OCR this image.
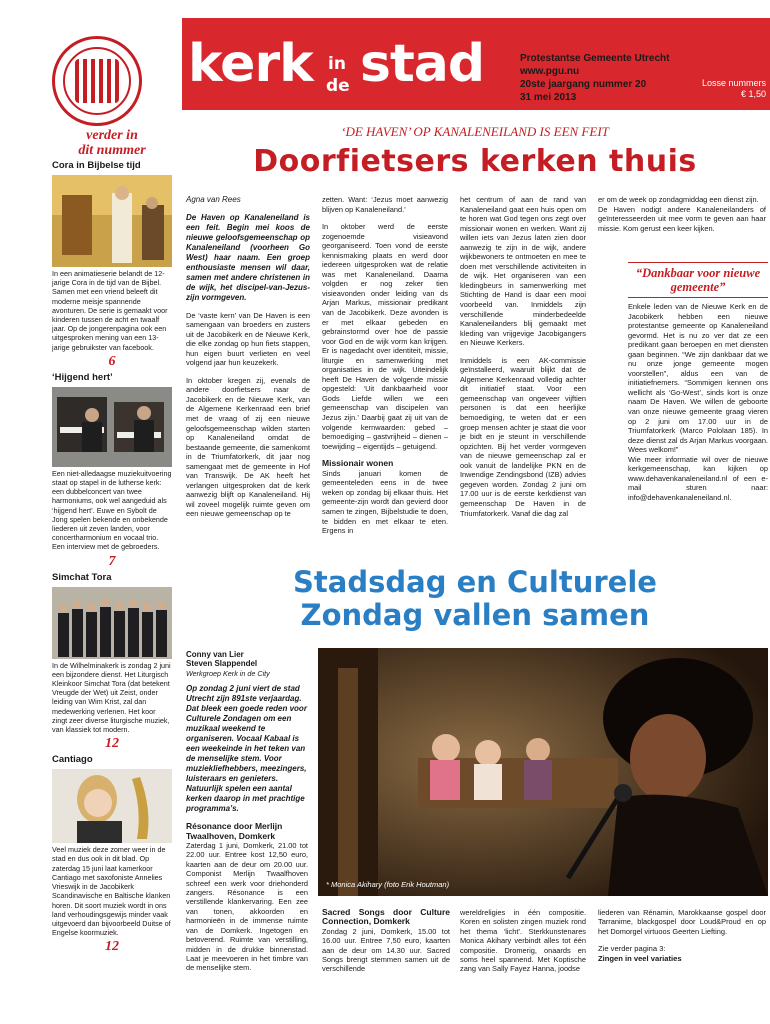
kerk in
de stad	Protestantse Gemeente Utrecht
www.pgu.nu
20ste jaargang nummer 20
31 mei 2013
Losse nummers
€ 1,50
verder in
dit nummer
Cora in Bijbelse tijd
In een animatieserie belandt de 12-jarige Cora in de tijd van de Bijbel. Samen met een vriend beleeft dit moderne meisje spannende avonturen. De serie is gemaakt voor kinderen tussen de acht en twaalf jaar. Op de jongerenpagina ook een uitgesproken mening van een 13-jarige gebruikster van facebook.
6
‘Hijgend hert’
Een niet-alledaagse muziekuitvoering staat op stapel in de lutherse kerk: een dubbelconcert van twee harmoniums, ook wel aangeduid als ‘hijgend hert’. Euwe en Sybolt de Jong spelen bekende en onbekende liederen uit zeven landen, voor concertharmonium en vocaal trio. Een interview met de gebroeders.
7
Simchat Tora
In de Wilhelminakerk is zondag 2 juni een bijzondere dienst. Het Liturgisch Kleinkoor Simchat Tora (dat betekent Vreugde der Wet) uit Zeist, onder leiding van Wim Krist, zal dan medewerking verlenen. Het koor zingt zeer diverse liturgische muziek, van klassiek tot modern.
12
Cantiago
Veel muziek deze zomer weer in de stad en dus ook in dit blad. Op zaterdag 15 juni laat kamerkoor Cantiago met saxofoniste Annelies Vrieswijk in de Jacobikerk Scandinavische en Baltische klanken horen. Dit soort muziek wordt in ons land verhoudingsgewijs minder vaak uitgevoerd dan bijvoorbeeld Duitse of Engelse koormuziek.
12
‘DE HAVEN’ OP KANALENEILAND IS EEN FEIT
Doorfietsers kerken thuis
Agna van Rees

De Haven op Kanaleneiland is een feit. Begin mei koos de nieuwe geloofsgemeenschap op Kanaleneiland (voorheen Go West) haar naam. Een groep enthousiaste mensen wil daar, samen met andere christenen in de wijk, het discipel-van-Jezus-zijn vormgeven.

De ‘vaste kern’ van De Haven is een samengaan van broeders en zusters uit de Jacobikerk en de Nieuwe Kerk, die elke zondag op hun fiets stappen, hun eigen buurt verlieten en veel volgend jaar hun keuzekerk.

In oktober kregen zij, evenals de andere doorfietsers naar de Jacobikerk en de Nieuwe Kerk, van de Algemene Kerkenraad een brief met de vraag of zij een nieuwe geloofsgemeenschap wilden starten op Kanaleneiland omdat de bestaande gemeente, die samenkomt in de Triumfatorkerk, dit jaar nog samengaat met de gemeente in Hof van Transwijk. De AK heeft het verlangen uitgesproken dat de kerk aanwezig blijft op Kanaleneiland. Hij wil zoveel mogelijk ruimte geven om een nieuwe gemeenschap op te

zetten. Want: ‘Jezus moet aanwezig blijven op Kanaleneiland.’

In oktober werd de eerste zogenoemde visieavond georganiseerd. Toen vond de eerste kennismaking plaats en werd door iedereen uitgesproken wat de relatie was met Kanaleneiland. Daarna volgden er nog zeker tien visieavonden onder leiding van ds Arjan Markus, missionair predikant van de Jacobikerk. Deze avonden is er met elkaar gebeden en gebrainstormd over hoe de passie voor God en de wijk vorm kan krijgen. Er is nagedacht over identiteit, missie, liturgie en samenwerking met organisaties in de wijk. Uiteindelijk heeft De Haven de volgende missie opgesteld: ‘Uit dankbaarheid voor Gods Liefde willen we een gemeenschap van discipelen van Jezus zijn.’ Daarbij gaat zij uit van de volgende kernwaarden: gebed – bemoediging – gastvrijheid – dienen – toewijding – eigentijds – getuigend.

Missionair wonen

Sinds januari komen de gemeenteleden eens in de twee weken op zondag bij elkaar thuis. Het gemeente-zijn wordt dan gevierd door samen te zingen, Bijbelstudie te doen, te bidden en met elkaar te eten. Ergens in

het centrum of aan de rand van Kanaleneiland gaat een huis open om te horen wat God tegen ons zegt over missionair wonen en werken. Want zij willen iets van Jezus laten zien door aanwezig te zijn in de wijk, andere wijkbewoners te ontmoeten en mee te doen met verschillende activiteiten in de wijk. Het organiseren van een kledingbeurs in samenwerking met Stichting de Hand is daar een mooi voorbeeld van. Inmiddels zijn verschillende minderbedeelde Kanaleneilanders blij gemaakt met kleding van vrijgevige Jacobigangers en Nieuwe Kerkers.

Inmiddels is een AK-commissie geïnstalleerd, waaruit blijkt dat de Algemene Kerkenraad volledig achter dit initiatief staat. Voor een gemeenschap van ongeveer vijftien personen is dat een heerlijke bemoediging, te weten dat er een groep mensen achter je staat die voor je bidt en je steunt in verschillende opzichten. Bij het verder vormgeven van de nieuwe gemeenschap zal er ook vanuit de landelijke PKN en de Inwendige Zendingsbond (IZB) advies gegeven worden. Zondag 2 juni om 17.00 uur is de eerste kerkdienst van gemeenschap De Haven in de Triumfatorkerk. Vanaf die dag zal

er om de week op zondagmiddag een dienst zijn.
De Haven nodigt andere Kanaleneilanders of geïnteresseerden uit mee vorm te geven aan haar missie. Kom gerust een keer kijken.
“Dankbaar voor nieuwe gemeente”
Enkele leden van de Nieuwe Kerk en de Jacobikerk hebben een nieuwe protestantse gemeente op Kanaleneiland gevormd. Het is nu zo ver dat ze een predikant gaan beroepen en met diensten gaan beginnen. “We zijn dankbaar dat we nu onze jonge gemeente mogen voorstellen”, aldus een van de initiatiefnemers. “Sommigen kennen ons wellicht als ‘Go-West’, sinds kort is onze naam De Haven. We willen de geboorte van onze nieuwe gemeente graag vieren op 2 juni om 17.00 uur in de Triumfatorkerk (Marco Pololaan 185). In deze dienst zal ds Arjan Markus voorgaan. Wees welkom!”
Wie meer informatie wil over de nieuwe kerkgemeenschap, kan kijken op www.dehavenkanaleneiland.nl of een e-mail sturen naar: info@dehavenkanaleneiland.nl.
Stadsdag en Culturele
Zondag vallen samen
Conny van Lier
Steven Slappendel
Werkgroep Kerk in de City

Op zondag 2 juni viert de stad Utrecht zijn 891ste verjaardag. Dat bleek een goede reden voor Culturele Zondagen om een muzikaal weekend te organiseren. Vocaal Kabaal is een weekeinde in het teken van de menselijke stem. Voor muziekliefhebbers, meezingers, luisteraars en genieters. Natuurlijk spelen een aantal kerken daarop in met prachtige programma’s.

Résonance door Merlijn Twaalhoven, Domkerk
Zaterdag 1 juni, Domkerk, 21.00 tot 22.00 uur. Entree kost 12,50 euro, kaarten aan de deur om 20.00 uur. Componist Merlijn Twaalfhoven schreef een werk voor driehonderd zangers. Résonance is een verstillende klankervaring. Een zee van tonen, akkoorden en harmonieën in de immense ruimte van de Domkerk. Ingetogen en betoverend. Ruimte van verstilling, midden in de drukke binnenstad. Laat je meevoeren in het timbre van de menselijke stem.
* Monica Akihary (foto Erik Houtman)
Sacred Songs door Culture Connection, Domkerk
Zondag 2 juni, Domkerk, 15.00 tot 16.00 uur. Entree 7,50 euro, kaarten aan de deur om 14.30 uur. Sacred Songs brengt stemmen samen uit de verschillende
wereldreligies in één compositie. Koren en solisten zingen muziek rond het thema ‘licht’. Sterkkunstenares Monica Akihary verbindt alles tot één compositie. Dromerig, onaards en soms heel spannend. Met Koptische zang van Sally Fayez Hanna, joodse

liederen van Rénamin, Marokkaanse gospel door Tarranime, blackgospel door Loud&Proud en op het Domorgel virtuoos Geerten Liefting.

Zie verder pagina 3:
Zingen in veel variaties
